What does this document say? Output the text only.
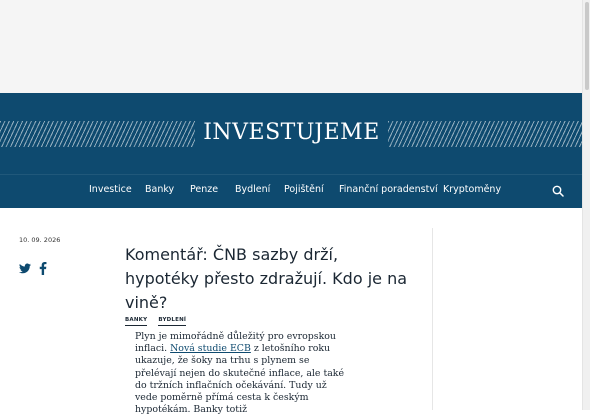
INVESTUJEME
Investice Banky Penze Bydlení Pojištění Finanční poradenství Kryptoměny
10. 09. 2026
Komentář: ČNB sazby drží, hypotéky přesto zdražují. Kdo je na vině?
BANKY BYDLENÍ

Plyn je mimořádně důležitý pro evropskou inflaci. Nová studie ECB z letošního roku ukazuje, že šoky na trhu s plynem se přelévají nejen do skutečné inflace, ale také do tržních inflačních očekávání. Tudy už vede poměrně přímá cesta k českým hypotékám. Banky totiž
